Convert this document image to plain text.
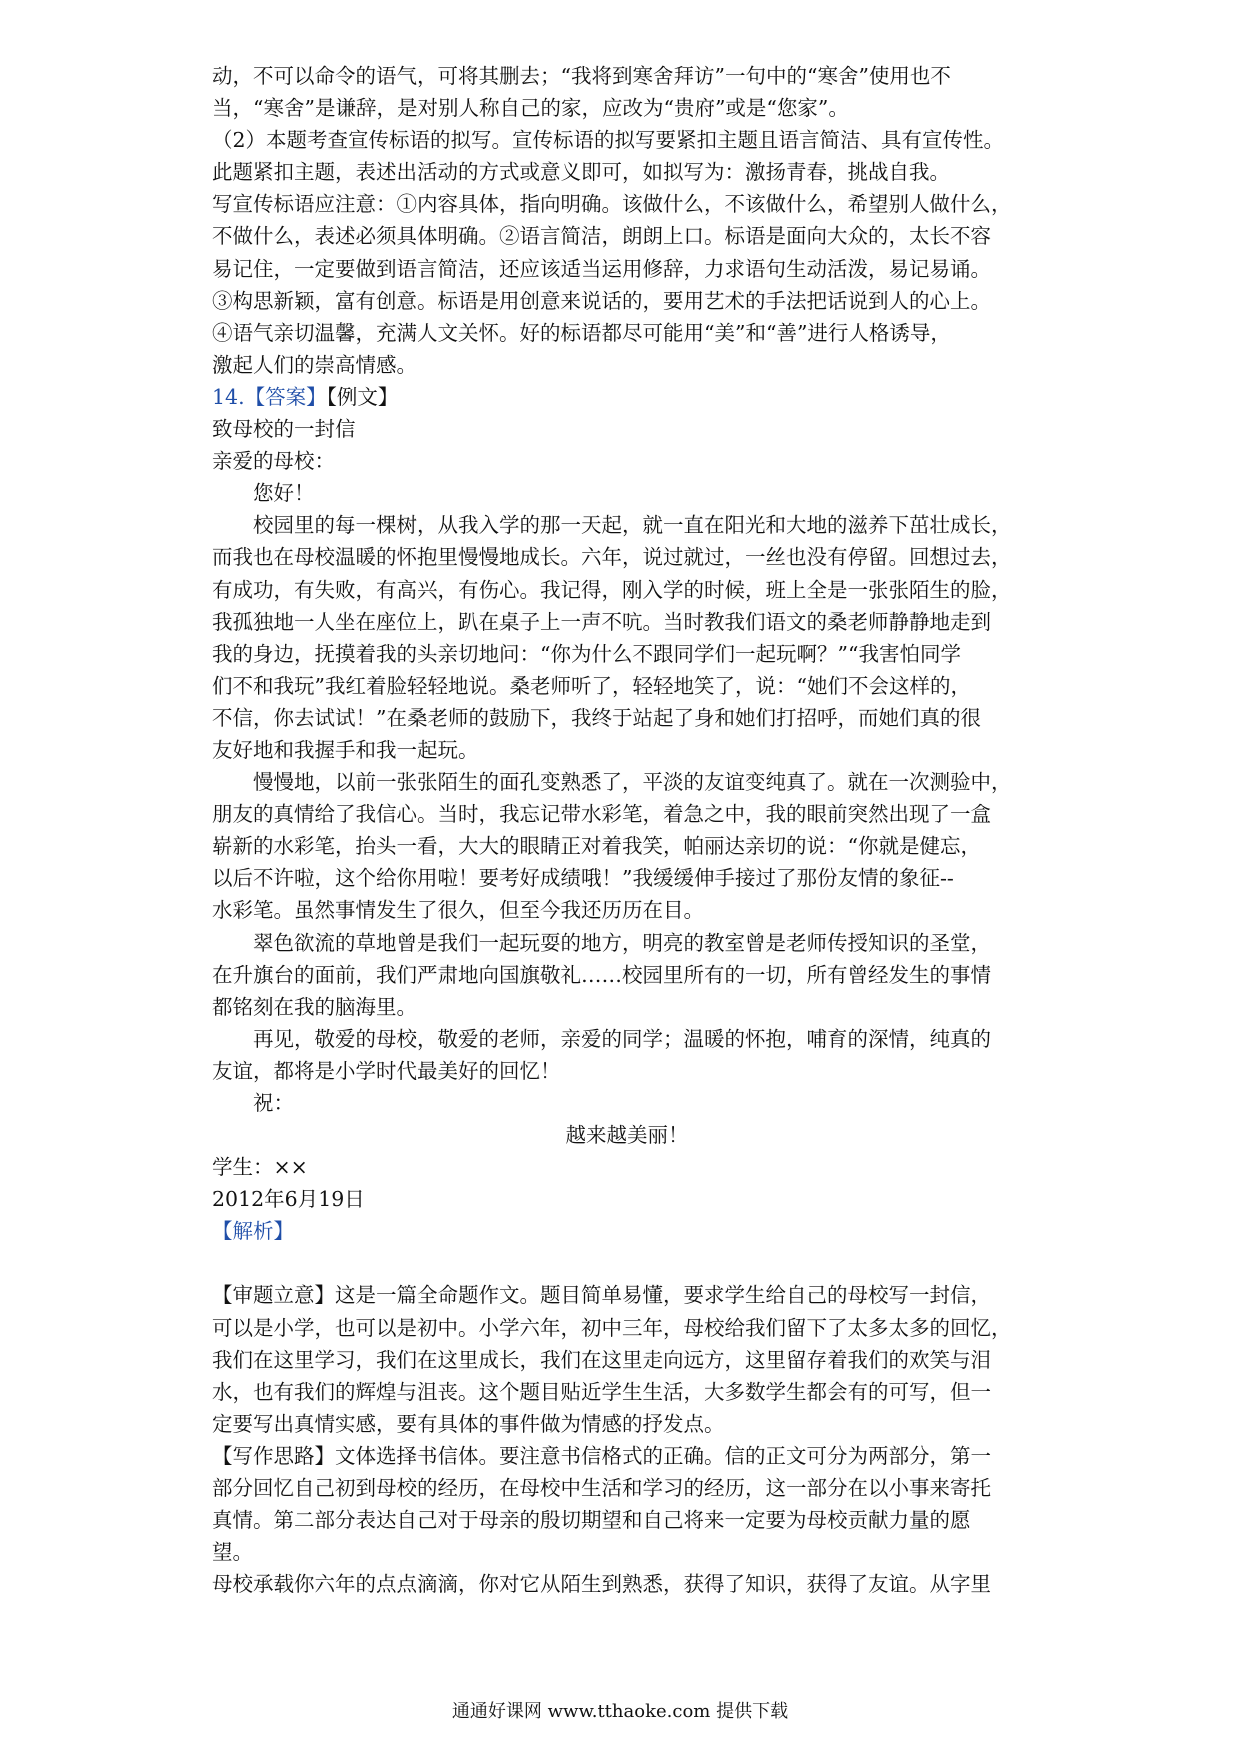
动，不可以命令的语气，可将其删去；“我将到寒舍拜访”一句中的“寒舍”使用也不
当，“寒舍”是谦辞，是对别人称自己的家，应改为“贵府”或是“您家”。
（2）本题考查宣传标语的拟写。宣传标语的拟写要紧扣主题且语言简洁、具有宣传性。
此题紧扣主题，表述出活动的方式或意义即可，如拟写为：激扬青春，挑战自我。
写宣传标语应注意：①内容具体，指向明确。该做什么，不该做什么，希望别人做什么，
不做什么，表述必须具体明确。②语言简洁，朗朗上口。标语是面向大众的，太长不容
易记住，一定要做到语言简洁，还应该适当运用修辞，力求语句生动活泼，易记易诵。
③构思新颖，富有创意。标语是用创意来说话的，要用艺术的手法把话说到人的心上。
④语气亲切温馨，充满人文关怀。好的标语都尽可能用“美”和“善”进行人格诱导，
激起人们的崇高情感。
14.【答案】【例文】
致母校的一封信
亲爱的母校：
您好！
校园里的每一棵树，从我入学的那一天起，就一直在阳光和大地的滋养下茁壮成长，
而我也在母校温暖的怀抱里慢慢地成长。六年，说过就过，一丝也没有停留。回想过去，
有成功，有失败，有高兴，有伤心。我记得，刚入学的时候，班上全是一张张陌生的脸，
我孤独地一人坐在座位上，趴在桌子上一声不吭。当时教我们语文的桑老师静静地走到
我的身边，抚摸着我的头亲切地问：“你为什么不跟同学们一起玩啊？”“我害怕同学
们不和我玩”我红着脸轻轻地说。桑老师听了，轻轻地笑了，说：“她们不会这样的，
不信，你去试试！”在桑老师的鼓励下，我终于站起了身和她们打招呼，而她们真的很
友好地和我握手和我一起玩。
慢慢地，以前一张张陌生的面孔变熟悉了，平淡的友谊变纯真了。就在一次测验中，
朋友的真情给了我信心。当时，我忘记带水彩笔，着急之中，我的眼前突然出现了一盒
崭新的水彩笔，抬头一看，大大的眼睛正对着我笑，帕丽达亲切的说：“你就是健忘，
以后不许啦，这个给你用啦！要考好成绩哦！”我缓缓伸手接过了那份友情的象征--
水彩笔。虽然事情发生了很久，但至今我还历历在目。
翠色欲流的草地曾是我们一起玩耍的地方，明亮的教室曾是老师传授知识的圣堂，
在升旗台的面前，我们严肃地向国旗敬礼……校园里所有的一切，所有曾经发生的事情
都铭刻在我的脑海里。
再见，敬爱的母校，敬爱的老师，亲爱的同学；温暖的怀抱，哺育的深情，纯真的
友谊，都将是小学时代最美好的回忆！
祝：
越来越美丽！
学生：××
2012年6月19日
【解析】
【审题立意】这是一篇全命题作文。题目简单易懂，要求学生给自己的母校写一封信，
可以是小学，也可以是初中。小学六年，初中三年，母校给我们留下了太多太多的回忆，
我们在这里学习，我们在这里成长，我们在这里走向远方，这里留存着我们的欢笑与泪
水，也有我们的辉煌与沮丧。这个题目贴近学生生活，大多数学生都会有的可写，但一
定要写出真情实感，要有具体的事件做为情感的抒发点。
【写作思路】文体选择书信体。要注意书信格式的正确。信的正文可分为两部分，第一
部分回忆自己初到母校的经历，在母校中生活和学习的经历，这一部分在以小事来寄托
真情。第二部分表达自己对于母亲的殷切期望和自己将来一定要为母校贡献力量的愿
望。
母校承载你六年的点点滴滴，你对它从陌生到熟悉，获得了知识，获得了友谊。从字里
通通好课网 www.tthaoke.com 提供下载
